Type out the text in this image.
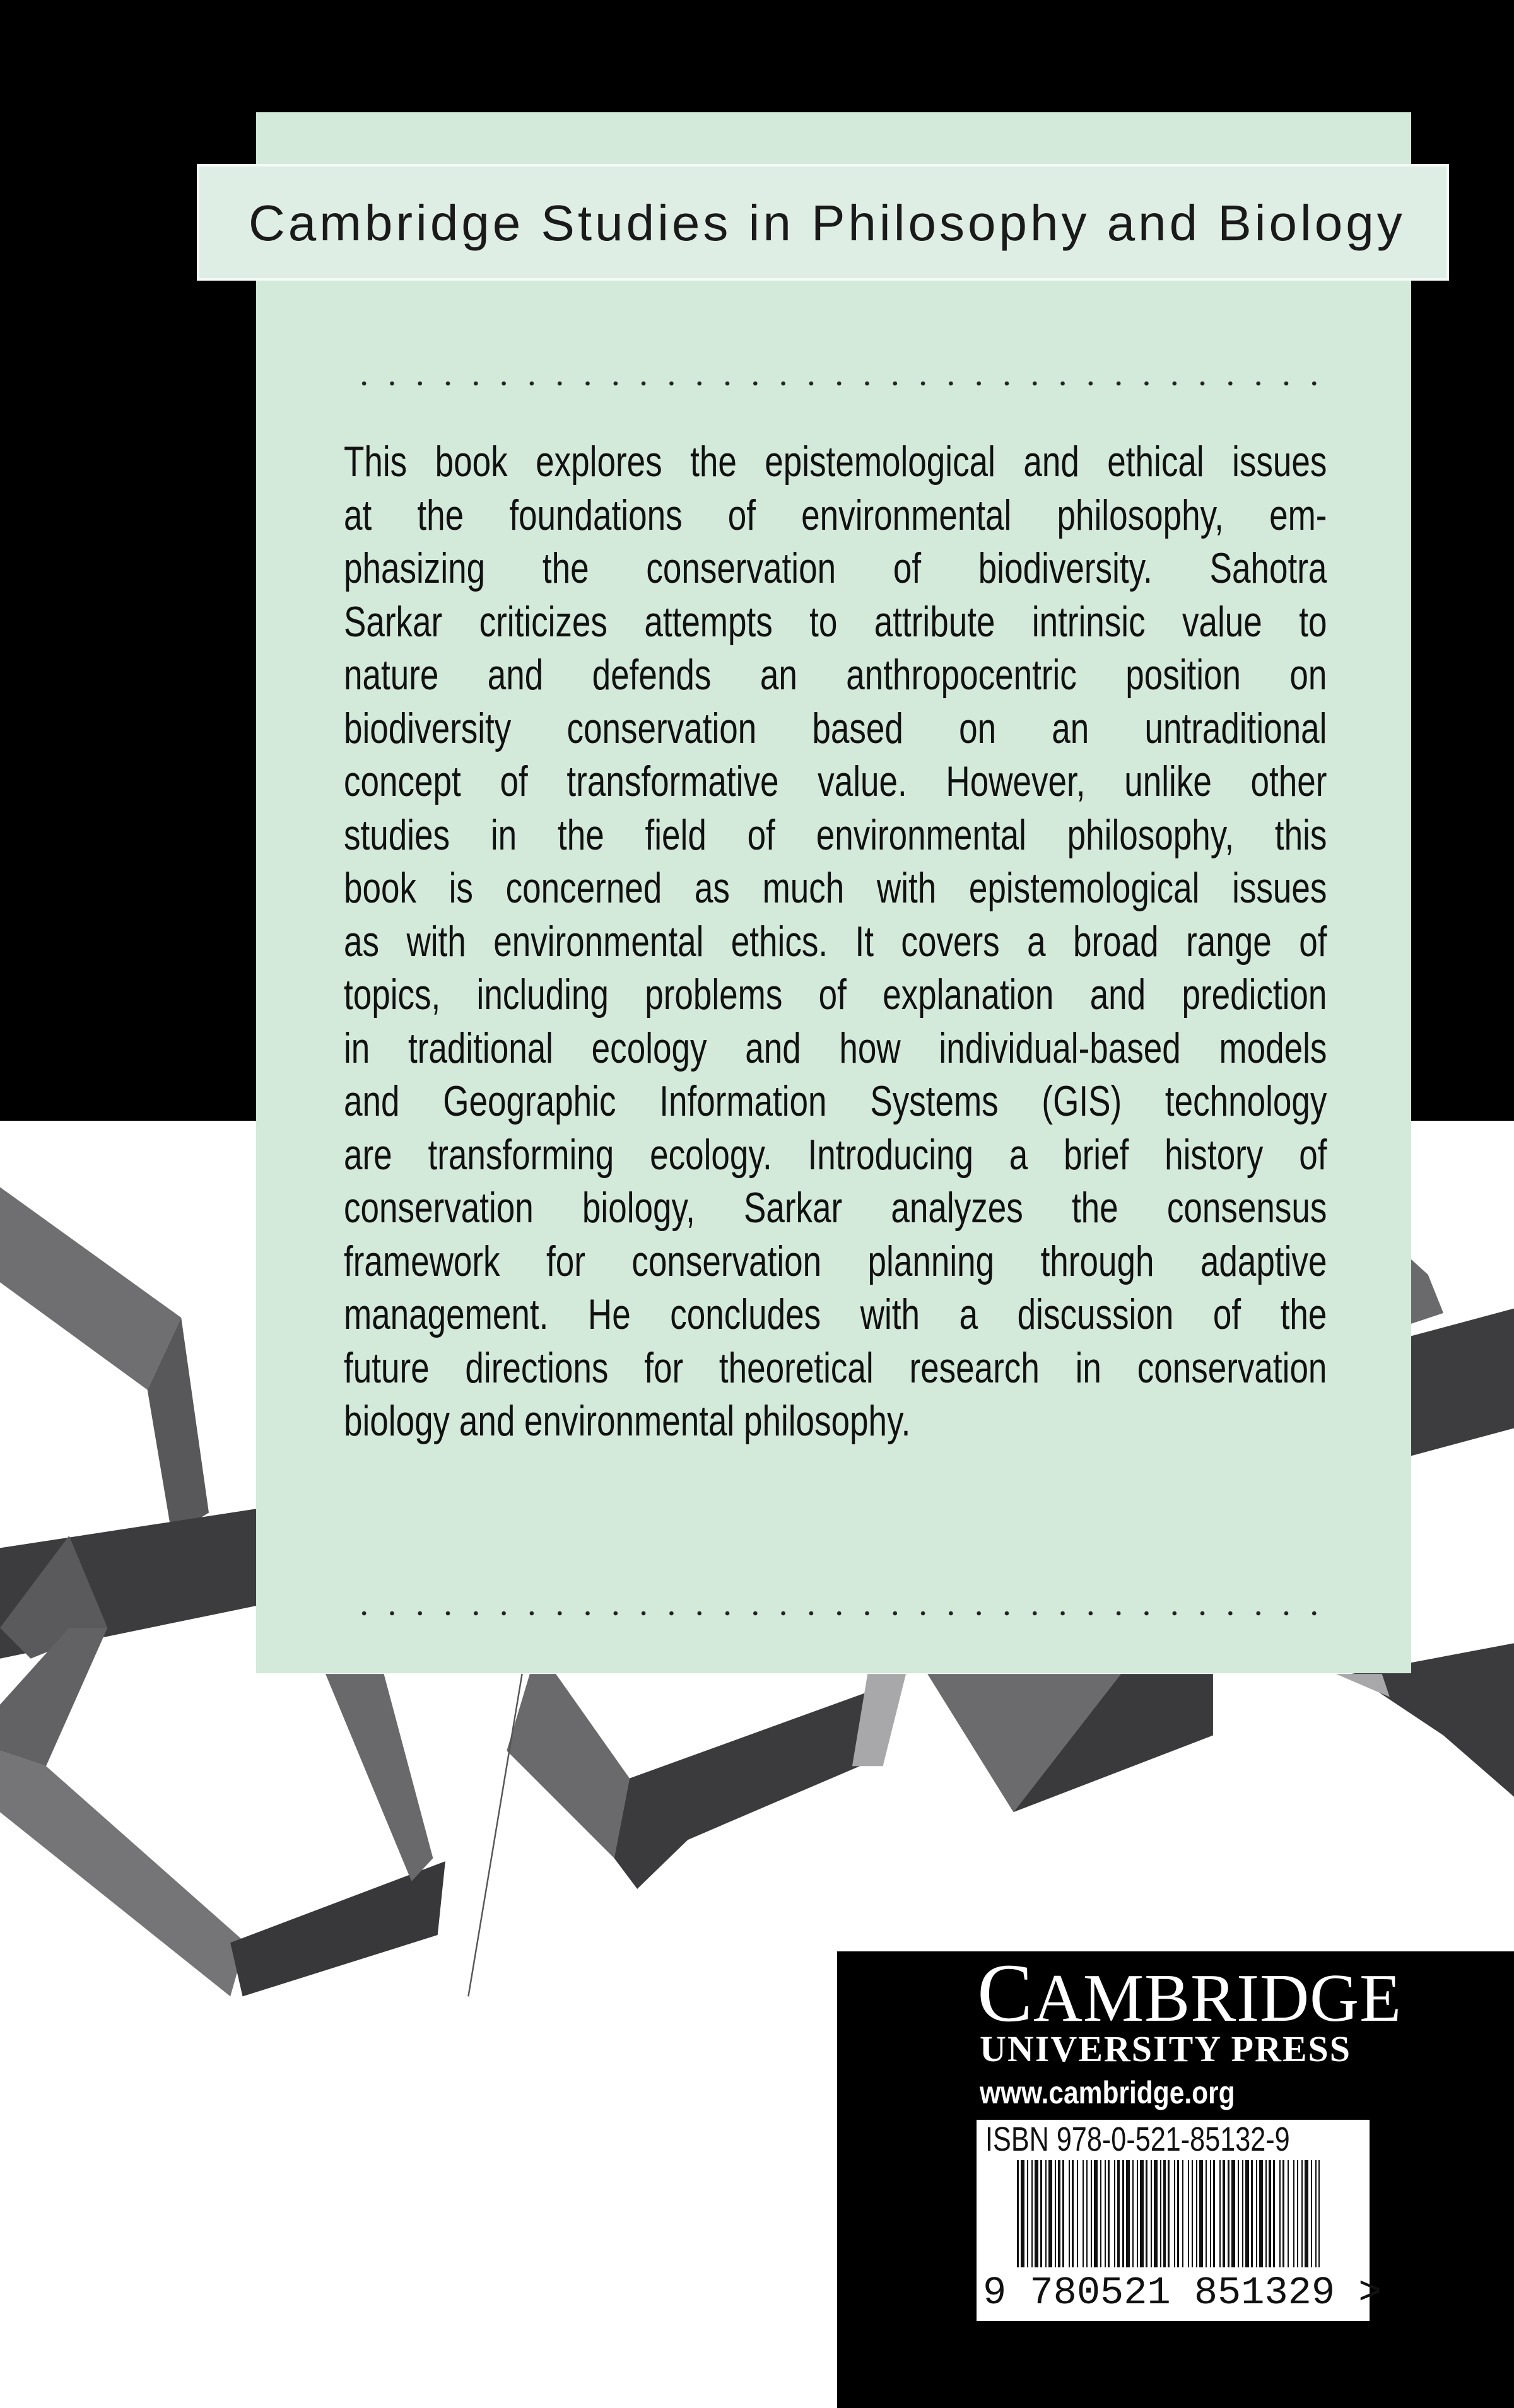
Cambridge Studies in Philosophy and Biology
This book explores the epistemological and ethical issues
at the foundations of environmental philosophy, em-
phasizing the conservation of biodiversity. Sahotra
Sarkar criticizes attempts to attribute intrinsic value to
nature and defends an anthropocentric position on
biodiversity conservation based on an untraditional
concept of transformative value. However, unlike other
studies in the field of environmental philosophy, this
book is concerned as much with epistemological issues
as with environmental ethics. It covers a broad range of
topics, including problems of explanation and prediction
in traditional ecology and how individual-based models
and Geographic Information Systems (GIS) technology
are transforming ecology. Introducing a brief history of
conservation biology, Sarkar analyzes the consensus
framework for conservation planning through adaptive
management. He concludes with a discussion of the
future directions for theoretical research in conservation
biology and environmental philosophy.
CAMBRIDGE
UNIVERSITY PRESS
www.cambridge.org
ISBN 978-0-521-85132-9
9 780521 851329 >
